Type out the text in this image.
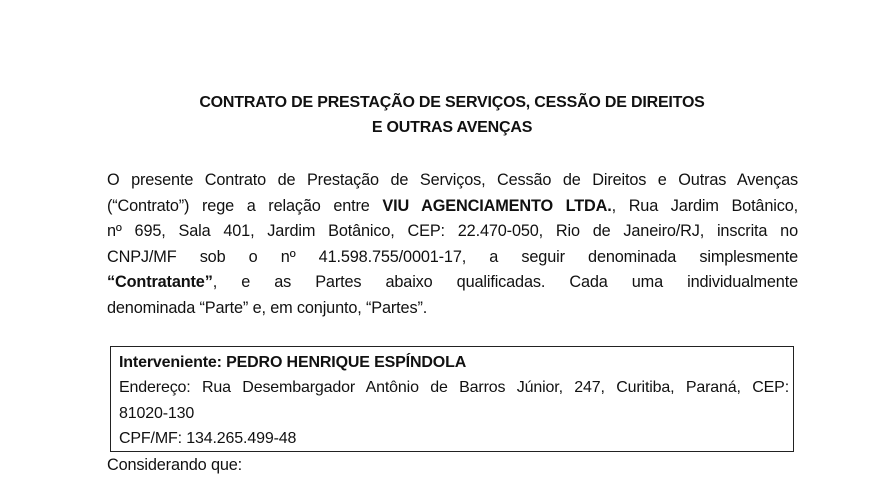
CONTRATO DE PRESTAÇÃO DE SERVIÇOS, CESSÃO DE DIREITOS
E OUTRAS AVENÇAS
O presente Contrato de Prestação de Serviços, Cessão de Direitos e Outras Avenças
(“Contrato”) rege a relação entre VIU AGENCIAMENTO LTDA., Rua Jardim Botânico,
nº 695, Sala 401, Jardim Botânico, CEP: 22.470-050, Rio de Janeiro/RJ, inscrita no
CNPJ/MF sob o nº 41.598.755/0001-17, a seguir denominada simplesmente
“Contratante”, e as Partes abaixo qualificadas. Cada uma individualmente
denominada “Parte” e, em conjunto, “Partes”.
Interveniente: PEDRO HENRIQUE ESPÍNDOLA
Endereço: Rua Desembargador Antônio de Barros Júnior, 247, Curitiba, Paraná, CEP:
81020-130
CPF/MF: 134.265.499-48
Considerando que:
